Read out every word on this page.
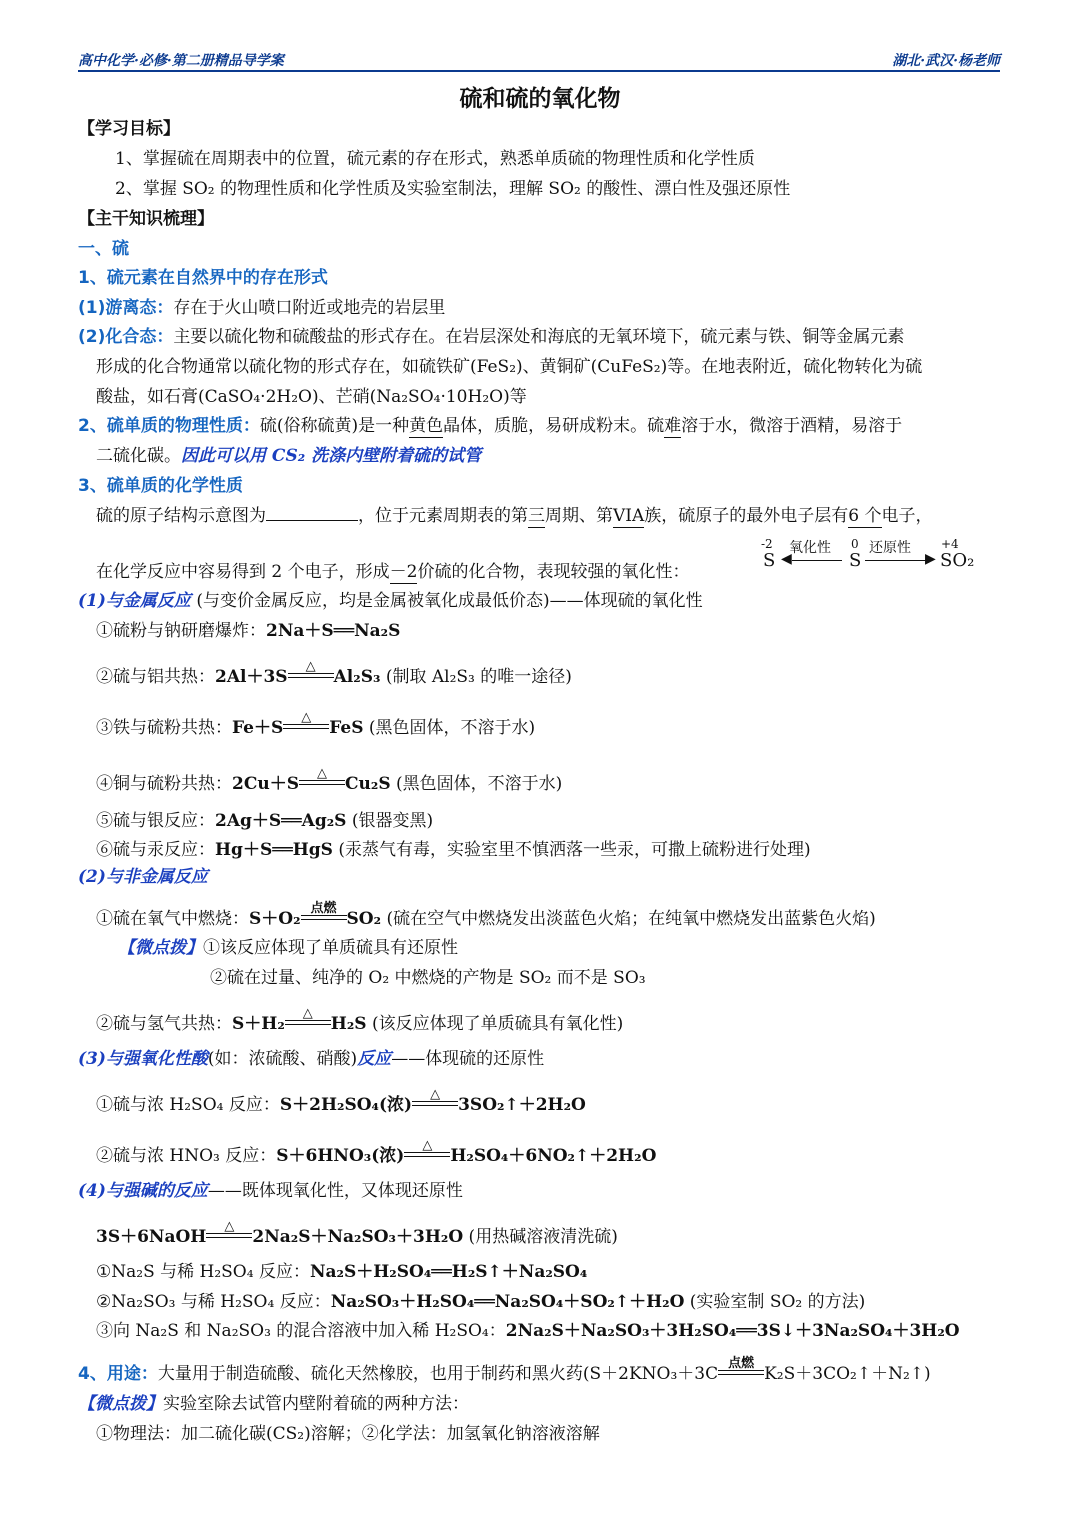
高中化学·必修·第二册精品导学案	湖北·武汉·杨老师
硫和硫的氧化物
【学习目标】
1、掌握硫在周期表中的位置，硫元素的存在形式，熟悉单质硫的物理性质和化学性质
2、掌握 SO₂ 的物理性质和化学性质及实验室制法，理解 SO₂ 的酸性、漂白性及强还原性
【主干知识梳理】
一、硫
1、硫元素在自然界中的存在形式
(1)游离态：存在于火山喷口附近或地壳的岩层里
(2)化合态：主要以硫化物和硫酸盐的形式存在。在岩层深处和海底的无氧环境下，硫元素与铁、铜等金属元素
形成的化合物通常以硫化物的形式存在，如硫铁矿(FeS₂)、黄铜矿(CuFeS₂)等。在地表附近，硫化物转化为硫
酸盐，如石膏(CaSO₄·2H₂O)、芒硝(Na₂SO₄·10H₂O)等
2、硫单质的物理性质：硫(俗称硫黄)是一种黄色晶体，质脆，易研成粉末。硫难溶于水，微溶于酒精，易溶于
二硫化碳。因此可以用 CS₂ 洗涤内壁附着硫的试管
3、硫单质的化学性质
硫的原子结构示意图为	，位于元素周期表的第三周期、第VIA族，硫原子的最外电子层有6 个电子，
在化学反应中容易得到 2 个电子，形成－2价硫的化合物，表现较强的氧化性：
-2
S
氧化性
◀
0
S
还原性
▶
+4
SO₂
(1)与金属反应 (与变价金属反应，均是金属被氧化成最低价态)——体现硫的氧化性
①硫粉与钠研磨爆炸：2Na＋S══Na₂S
②硫与铝共热：2Al＋3S
△
Al₂S₃ (制取 Al₂S₃ 的唯一途径)
③铁与硫粉共热：Fe＋S
△
FeS (黑色固体，不溶于水)
④铜与硫粉共热：2Cu＋S
△
Cu₂S (黑色固体，不溶于水)
⑤硫与银反应：2Ag＋S══Ag₂S (银器变黑)
⑥硫与汞反应：Hg＋S══HgS (汞蒸气有毒，实验室里不慎洒落一些汞，可撒上硫粉进行处理)
(2)与非金属反应
①硫在氧气中燃烧：S＋O₂
点燃
SO₂ (硫在空气中燃烧发出淡蓝色火焰；在纯氧中燃烧发出蓝紫色火焰)
【微点拨】①该反应体现了单质硫具有还原性
②硫在过量、纯净的 O₂ 中燃烧的产物是 SO₂ 而不是 SO₃
②硫与氢气共热：S＋H₂
△
H₂S (该反应体现了单质硫具有氧化性)
(3)与强氧化性酸(如：浓硫酸、硝酸)反应——体现硫的还原性
①硫与浓 H₂SO₄ 反应：S＋2H₂SO₄(浓)
△
3SO₂↑＋2H₂O
②硫与浓 HNO₃ 反应：S＋6HNO₃(浓)
△
H₂SO₄＋6NO₂↑＋2H₂O
(4)与强碱的反应——既体现氧化性，又体现还原性
3S＋6NaOH
△
2Na₂S＋Na₂SO₃＋3H₂O (用热碱溶液清洗硫)
①Na₂S 与稀 H₂SO₄ 反应：Na₂S＋H₂SO₄══H₂S↑＋Na₂SO₄
②Na₂SO₃ 与稀 H₂SO₄ 反应：Na₂SO₃＋H₂SO₄══Na₂SO₄＋SO₂↑＋H₂O (实验室制 SO₂ 的方法)
③向 Na₂S 和 Na₂SO₃ 的混合溶液中加入稀 H₂SO₄：2Na₂S＋Na₂SO₃＋3H₂SO₄══3S↓＋3Na₂SO₄＋3H₂O
4、用途：大量用于制造硫酸、硫化天然橡胶，也用于制药和黑火药(S＋2KNO₃＋3C
点燃
K₂S＋3CO₂↑＋N₂↑)
【微点拨】实验室除去试管内壁附着硫的两种方法：
①物理法：加二硫化碳(CS₂)溶解；②化学法：加氢氧化钠溶液溶解
